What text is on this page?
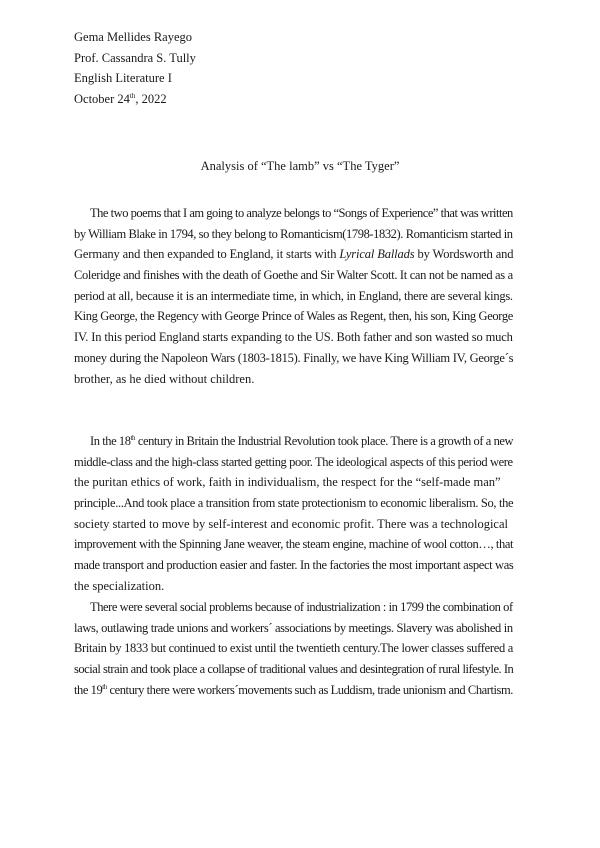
Gema Mellides Rayego
Prof. Cassandra S. Tully
English Literature I
October 24th, 2022
Analysis of “The lamb” vs “The Tyger”
The two poems that I am going to analyze belongs to “Songs of Experience” that was written
by William Blake in 1794, so they belong to Romanticism(1798-1832). Romanticism started in
Germany and then expanded to England, it starts with Lyrical Ballads by Wordsworth and
Coleridge and finishes with the death of Goethe and Sir Walter Scott. It can not be named as a
period at all, because it is an intermediate time, in which, in England, there are several kings.
King George, the Regency with George Prince of Wales as Regent, then, his son, King George
IV. In this period England starts expanding to the US. Both father and son wasted so much
money during the Napoleon Wars (1803-1815). Finally, we have King William IV, George´s
brother, as he died without children.
In the 18th century in Britain the Industrial Revolution took place. There is a growth of a new
middle-class and the high-class started getting poor. The ideological aspects of this period were
the puritan ethics of work, faith in individualism, the respect for the “self-made man”
principle...And took place a transition from state protectionism to economic liberalism. So, the
society started to move by self-interest and economic profit. There was a technological
improvement with the Spinning Jane weaver, the steam engine, machine of wool cotton…, that
made transport and production easier and faster. In the factories the most important aspect was
the specialization.
There were several social problems because of industrialization : in 1799 the combination of
laws, outlawing trade unions and workers´ associations by meetings. Slavery was abolished in
Britain by 1833 but continued to exist until the twentieth century.The lower classes suffered a
social strain and took place a collapse of traditional values and desintegration of rural lifestyle. In
the 19th century there were workers´movements such as Luddism, trade unionism and Chartism.
